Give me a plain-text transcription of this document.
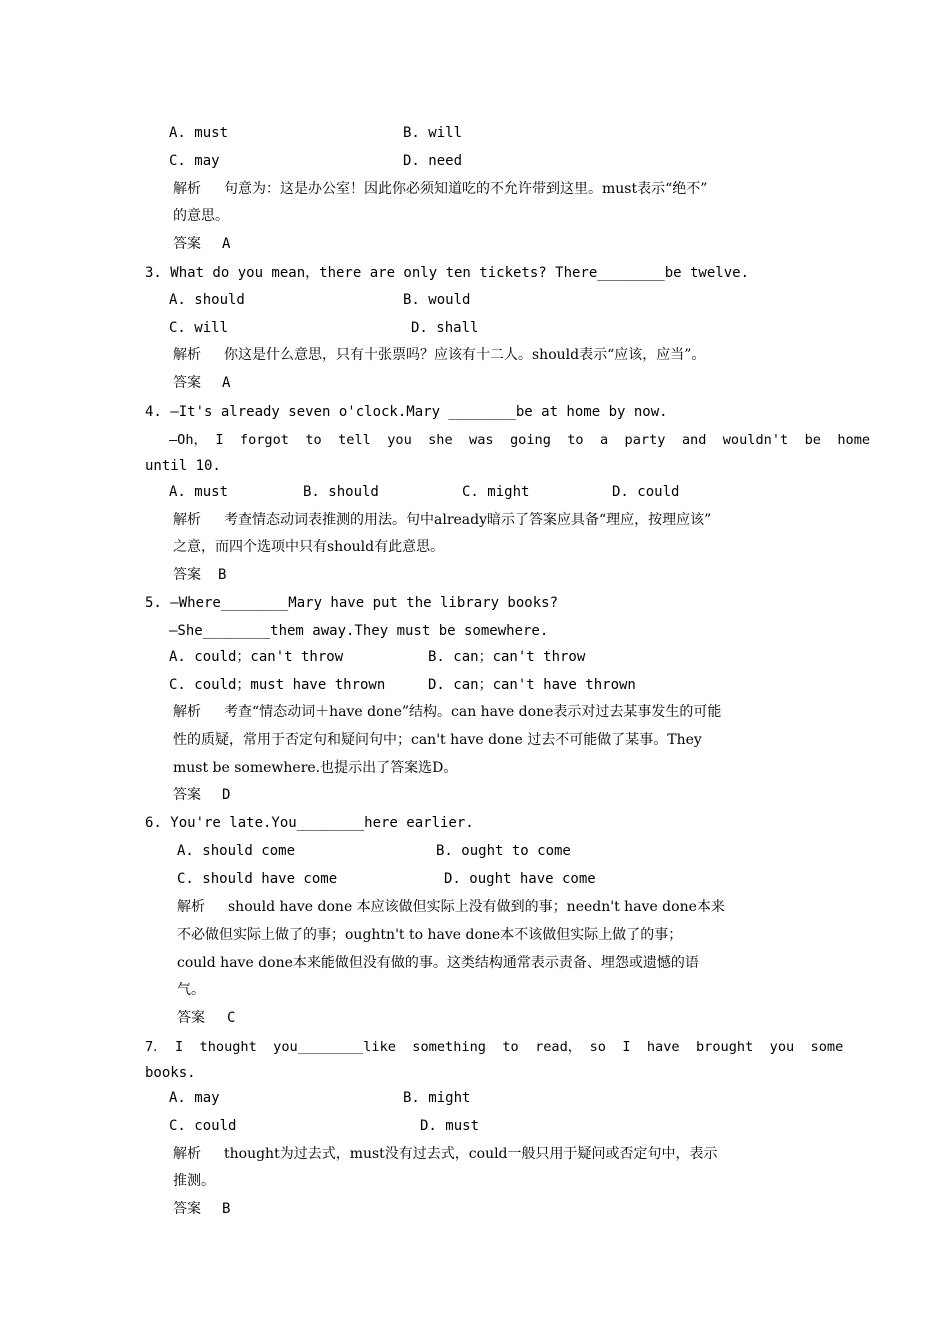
A. must	B. will
C. may	D. need
解析 句意为：这是办公室！因此你必须知道吃的不允许带到这里。must表示“绝不”
的意思。
答案 A
3. What do you mean，there are only ten tickets? There________be twelve.
A. should	B. would
C. will	D. shall
解析 你这是什么意思，只有十张票吗？应该有十二人。should表示“应该，应当”。
答案 A
4. —It's already seven o'clock.Mary ________be at home by now.
—Oh， I  forgot  to  tell  you  she  was  going  to  a  party  and  wouldn't  be  home
until 10.
A. must	B. should	C. might	D. could
解析 考查情态动词表推测的用法。句中already暗示了答案应具备“理应，按理应该”
之意，而四个选项中只有should有此意思。
答案 B
5. —Where________Mary have put the library books?
—She________them away.They must be somewhere.
A. could；can't throw	B. can；can't throw
C. could；must have thrown	D. can；can't have thrown
解析 考查“情态动词＋have done”结构。can have done表示对过去某事发生的可能
性的质疑，常用于否定句和疑问句中；can't have done 过去不可能做了某事。They
must be somewhere.也提示出了答案选D。
答案 D
6. You're late.You________here earlier.
A. should come	B. ought to come
C. should have come	D. ought have come
解析 should have done 本应该做但实际上没有做到的事；needn't have done本来
不必做但实际上做了的事；oughtn't to have done本不该做但实际上做了的事；
could have done本来能做但没有做的事。这类结构通常表示责备、埋怨或遗憾的语
气。
答案 C
7． I  thought  you________like  something  to  read， so  I  have  brought  you  some
books.
A. may	B. might
C. could	D. must
解析 thought为过去式，must没有过去式，could一般只用于疑问或否定句中，表示
推测。
答案 B
